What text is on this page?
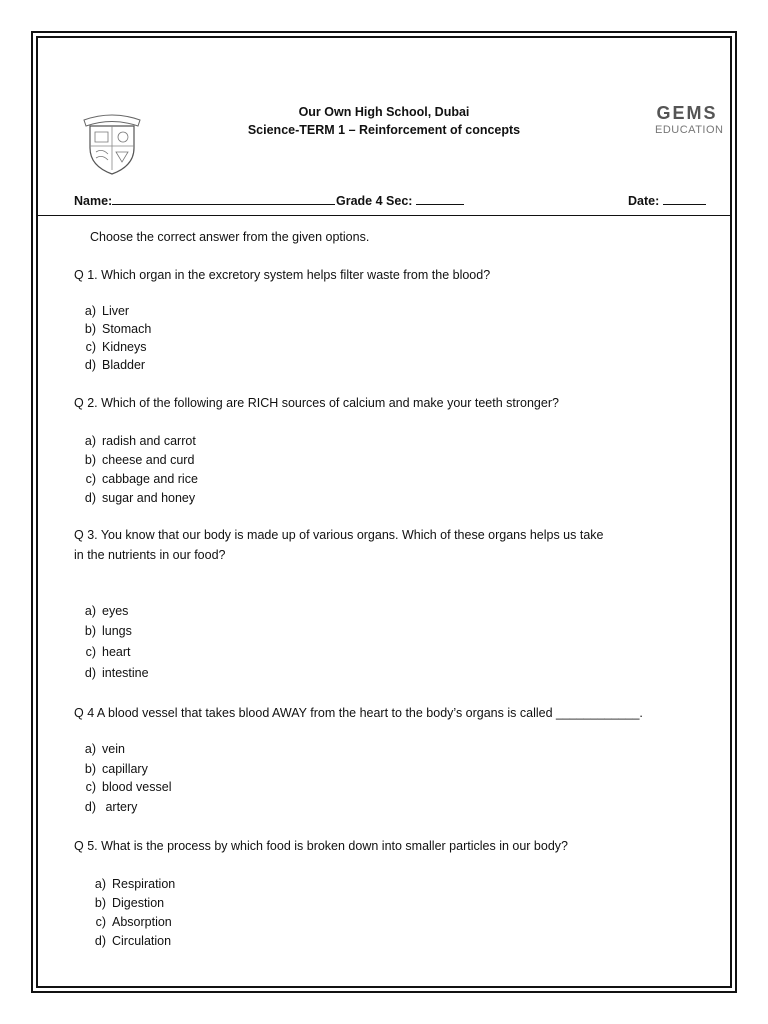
Our Own High School, Dubai
Science-TERM 1 – Reinforcement of concepts
GEMS
EDUCATION
Name:	Grade 4 Sec:	Date:
Choose the correct answer from the given options.
Q 1. Which organ in the excretory system helps filter waste from the blood?
a) Liver
b) Stomach
c) Kidneys
d) Bladder
Q 2. Which of the following are RICH sources of calcium and make your teeth stronger?
a) radish and carrot
b) cheese and curd
c) cabbage and rice
d) sugar and honey
Q 3. You know that our body is made up of various organs. Which of these organs helps us take
in the nutrients in our food?
a) eyes
b) lungs
c) heart
d) intestine
Q 4 A blood vessel that takes blood AWAY from the heart to the body’s organs is called ____________.
a) vein
b) capillary
c) blood vessel
d) artery
Q 5. What is the process by which food is broken down into smaller particles in our body?
a) Respiration
b) Digestion
c) Absorption
d) Circulation
